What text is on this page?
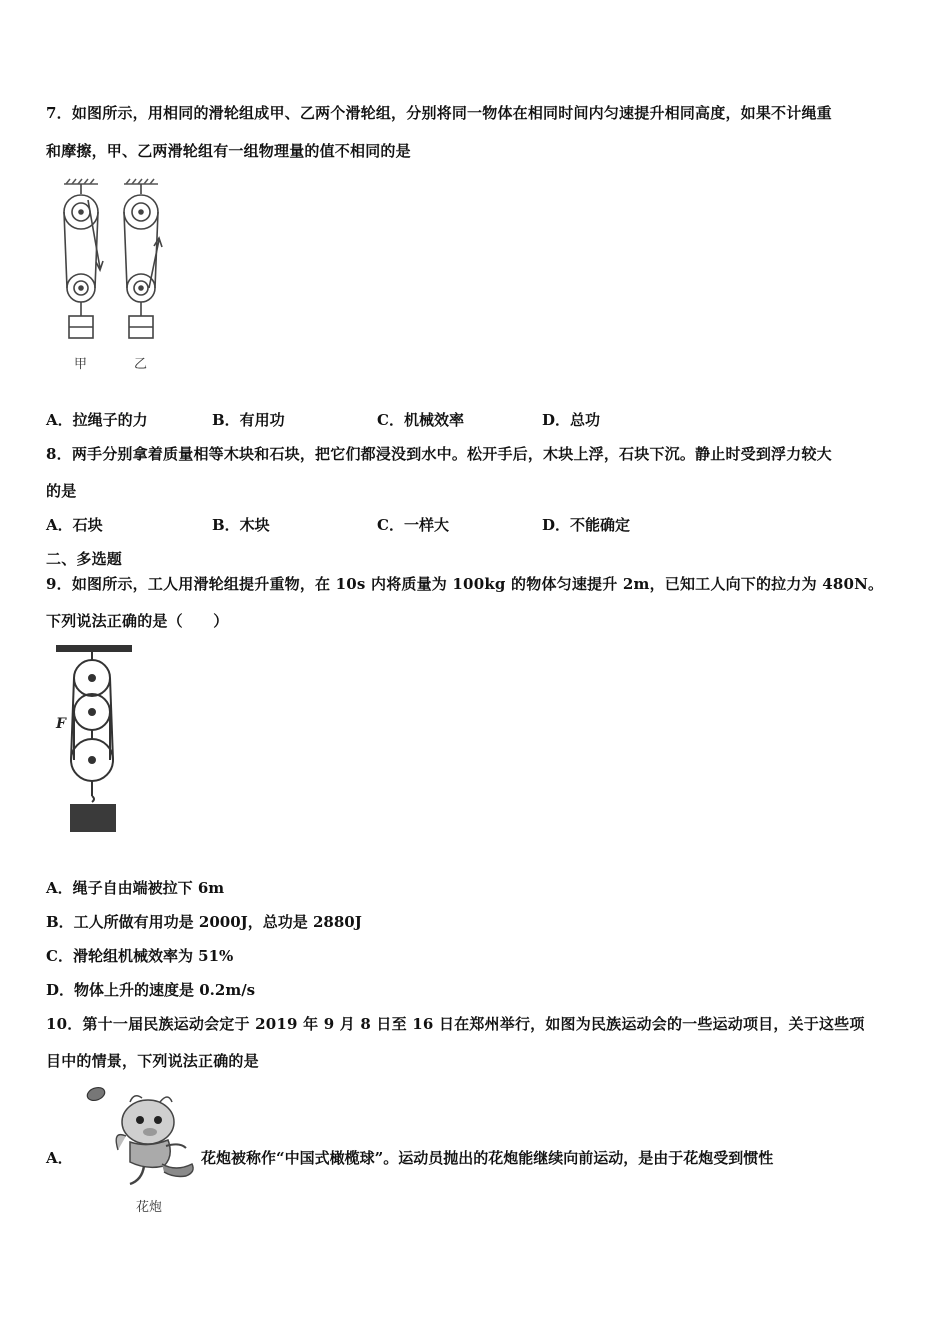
7．如图所示，用相同的滑轮组成甲、乙两个滑轮组，分别将同一物体在相同时间内匀速提升相同高度，如果不计绳重
和摩擦，甲、乙两滑轮组有一组物理量的值不相同的是
甲	乙
A．拉绳子的力	B．有用功	C．机械效率	D．总功
8．两手分别拿着质量相等木块和石块，把它们都浸没到水中。松开手后，木块上浮，石块下沉。静止时受到浮力较大
的是
A．石块	B．木块	C．一样大	D．不能确定
二、多选题
9．如图所示，工人用滑轮组提升重物，在 10s 内将质量为 100kg 的物体匀速提升 2m，已知工人向下的拉力为 480N。
下列说法正确的是（　　）
F
A．绳子自由端被拉下 6m
B．工人所做有用功是 2000J，总功是 2880J
C．滑轮组机械效率为 51%
D．物体上升的速度是 0.2m/s
10．第十一届民族运动会定于 2019 年 9 月 8 日至 16 日在郑州举行，如图为民族运动会的一些运动项目，关于这些项
目中的情景，下列说法正确的是
A．
花炮
花炮被称作“中国式橄榄球”。运动员抛出的花炮能继续向前运动，是由于花炮受到惯性
